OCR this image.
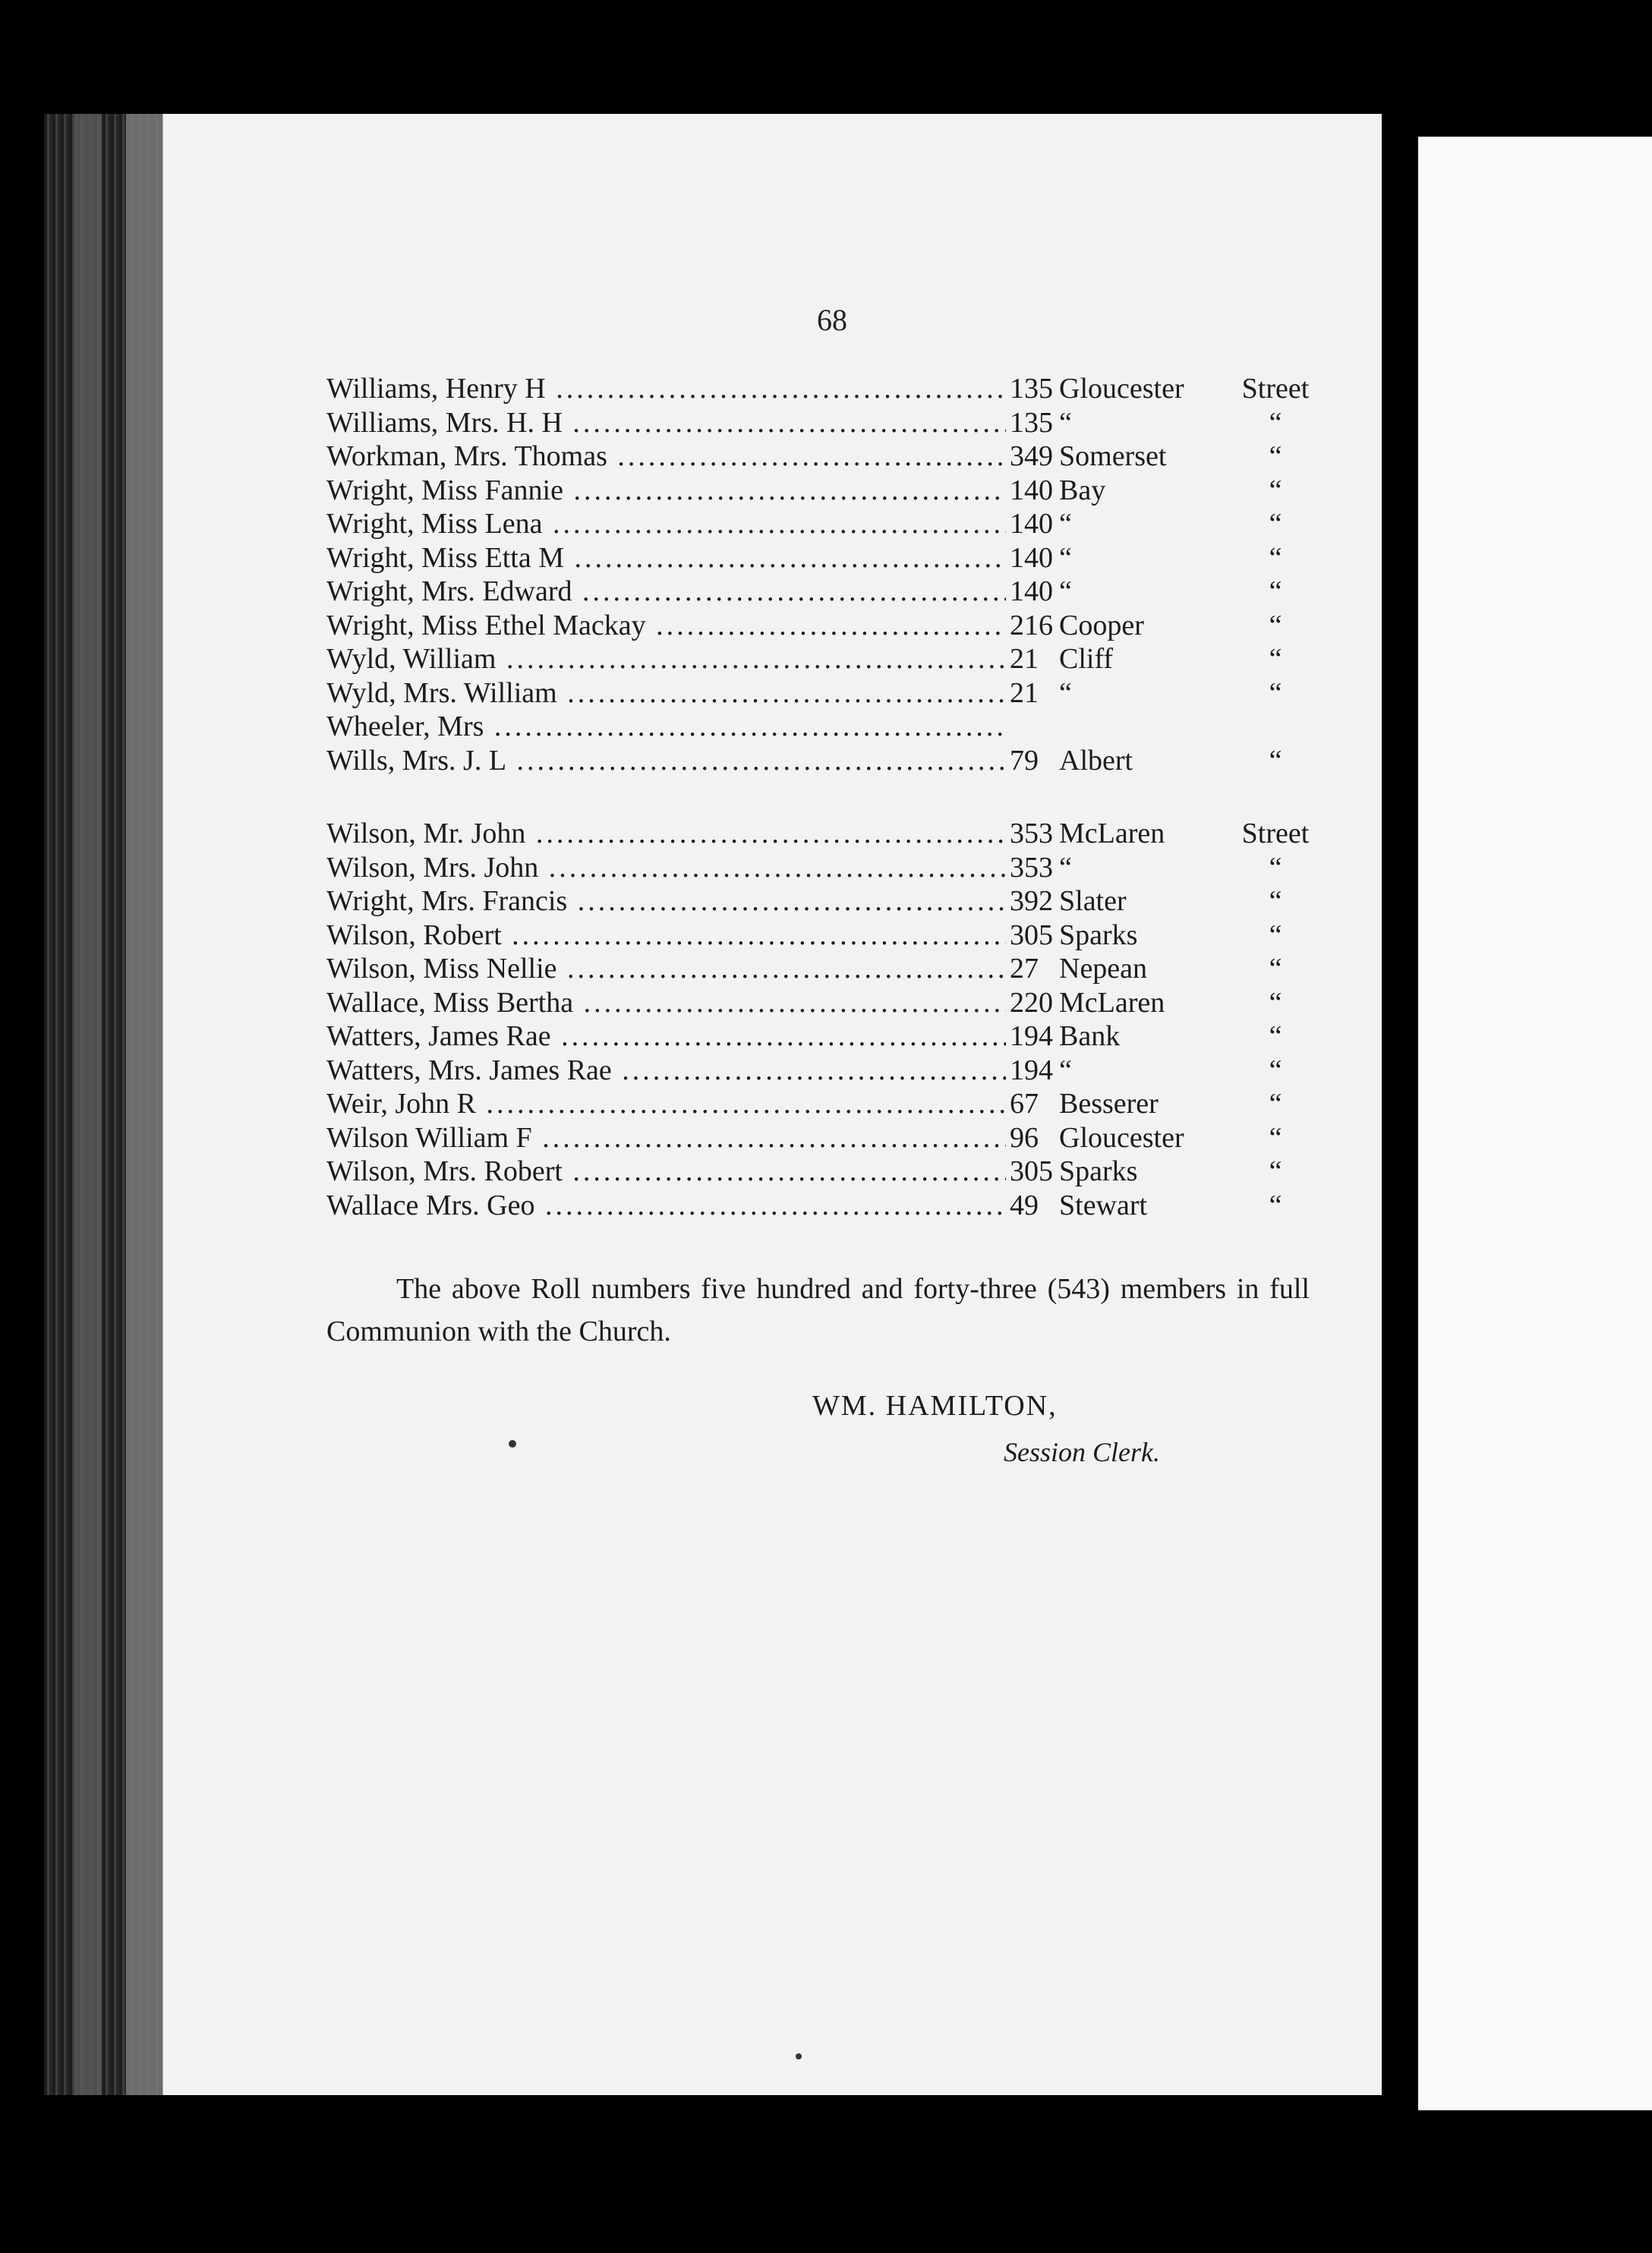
68
Williams, Henry H .....	135 Gloucester	Street
Williams, Mrs. H. H .....	135 “	“
Workman, Mrs. Thomas .....	349 Somerset	“
Wright, Miss Fannie .....	140 Bay	“
Wright, Miss Lena .....	140 “	“
Wright, Miss Etta M .....	140 “	“
Wright, Mrs. Edward .....	140 “	“
Wright, Miss Ethel Mackay .....	216 Cooper	“
Wyld, William .....	21 Cliff	“
Wyld, Mrs. William .....	21 “	“
Wheeler, Mrs .....
Wills, Mrs. J. L .....	79 Albert	“
Wilson, Mr. John .....	353 McLaren	Street
Wilson, Mrs. John .....	353 “	“
Wright, Mrs. Francis .....	392 Slater	“
Wilson, Robert .....	305 Sparks	“
Wilson, Miss Nellie .....	27 Nepean	“
Wallace, Miss Bertha .....	220 McLaren	“
Watters, James Rae .....	194 Bank	“
Watters, Mrs. James Rae .....	194 “	“
Weir, John R .....	67 Besserer	“
Wilson William F .....	96 Gloucester	“
Wilson, Mrs. Robert .....	305 Sparks	“
Wallace Mrs. Geo .....	49 Stewart	“
The above Roll numbers five hundred and forty-three (543) members in full Communion with the Church.
WM. HAMILTON,
Session Clerk.
